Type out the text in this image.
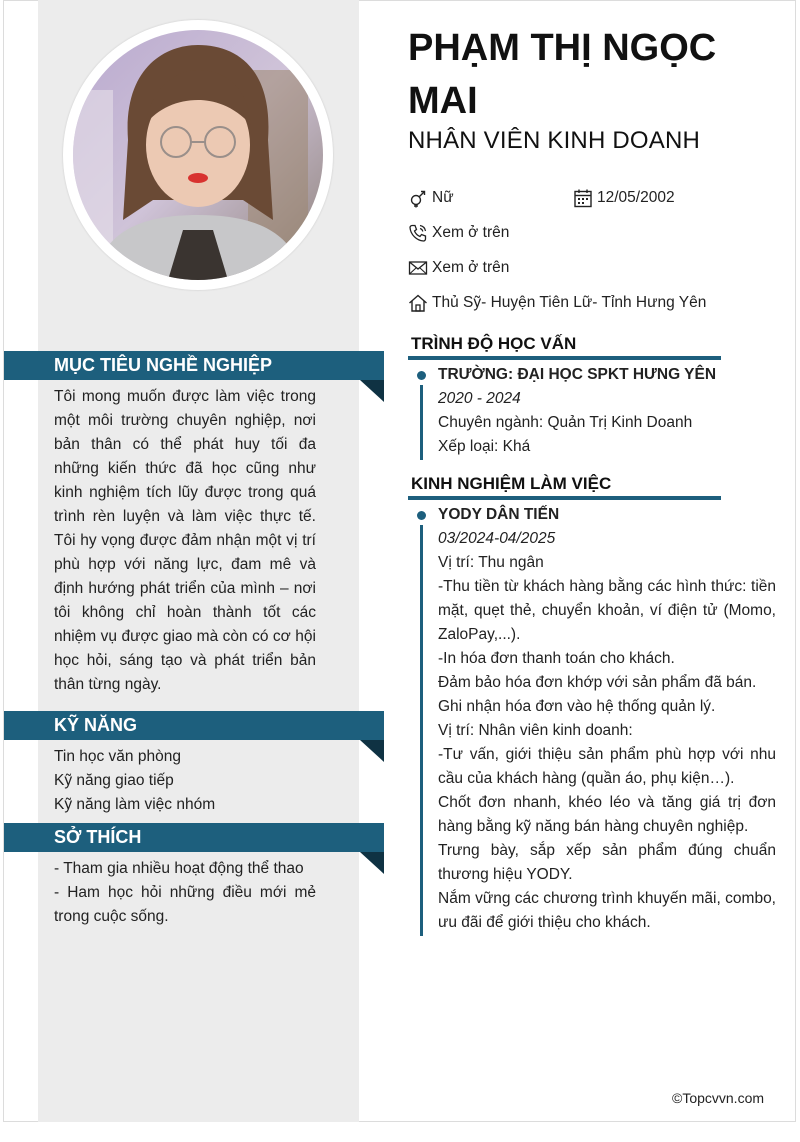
MỤC TIÊU NGHỀ NGHIỆP
Tôi mong muốn được làm việc trong một môi trường chuyên nghiệp, nơi bản thân có thể phát huy tối đa những kiến thức đã học cũng như kinh nghiệm tích lũy được trong quá trình rèn luyện và làm việc thực tế. Tôi hy vọng được đảm nhận một vị trí phù hợp với năng lực, đam mê và định hướng phát triển của mình – nơi tôi không chỉ hoàn thành tốt các nhiệm vụ được giao mà còn có cơ hội học hỏi, sáng tạo và phát triển bản thân từng ngày.
KỸ NĂNG
Tin học văn phòng
Kỹ năng giao tiếp
Kỹ năng làm việc nhóm
SỞ THÍCH
- Tham gia nhiều hoạt động thể thao
- Ham học hỏi những điều mới mẻ trong cuộc sống.
PHẠM THỊ NGỌC MAI
NHÂN VIÊN KINH DOANH
Nữ	12/05/2002
Xem ở trên
Xem ở trên
Thủ Sỹ- Huyện Tiên Lữ- Tỉnh Hưng Yên
TRÌNH ĐỘ HỌC VẤN
TRƯỜNG: ĐẠI HỌC SPKT HƯNG YÊN
2020 - 2024
Chuyên ngành: Quản Trị Kinh Doanh
Xếp loại: Khá
KINH NGHIỆM LÀM VIỆC
YODY DÂN TIẾN
03/2024-04/2025
Vị trí: Thu ngân
-Thu tiền từ khách hàng bằng các hình thức: tiền mặt, quẹt thẻ, chuyển khoản, ví điện tử (Momo, ZaloPay,...).
-In hóa đơn thanh toán cho khách.
Đảm bảo hóa đơn khớp với sản phẩm đã bán.
Ghi nhận hóa đơn vào hệ thống quản lý.
Vị trí: Nhân viên kinh doanh:
-Tư vấn, giới thiệu sản phẩm phù hợp với nhu cầu của khách hàng (quần áo, phụ kiện…).
Chốt đơn nhanh, khéo léo và tăng giá trị đơn hàng bằng kỹ năng bán hàng chuyên nghiệp.
Trưng bày, sắp xếp sản phẩm đúng chuẩn thương hiệu YODY.
Nắm vững các chương trình khuyến mãi, combo, ưu đãi để giới thiệu cho khách.
©Topcvvn.com
